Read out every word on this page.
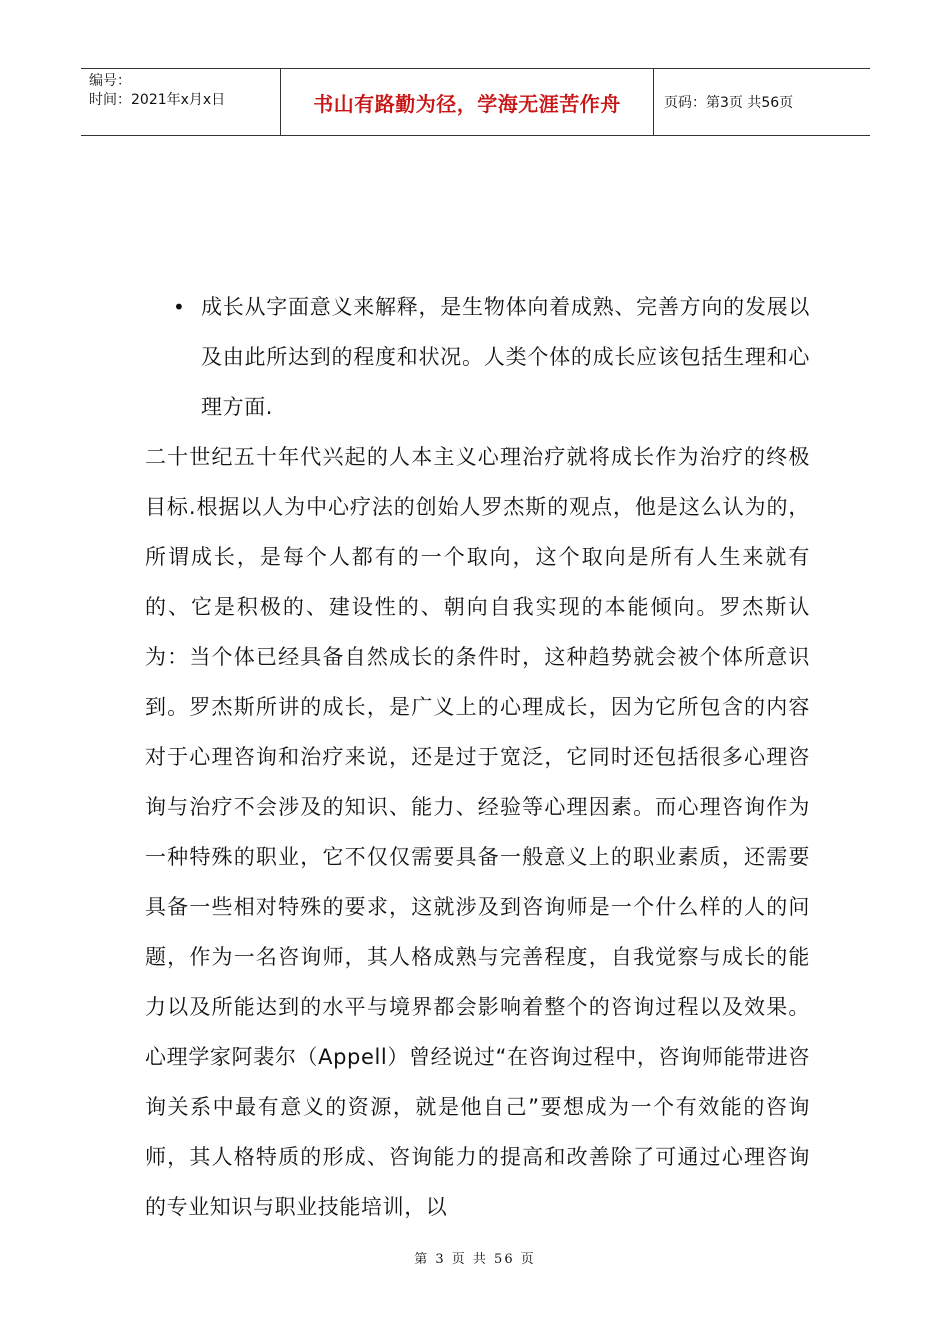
编号：
时间：2021年x月x日	书山有路勤为径，学海无涯苦作舟	页码：第3页 共56页
• 成长从字面意义来解释，是生物体向着成熟、完善方向的发展以及由此所达到的程度和状况。人类个体的成长应该包括生理和心理方面.

二十世纪五十年代兴起的人本主义心理治疗就将成长作为治疗的终极目标.根据以人为中心疗法的创始人罗杰斯的观点，他是这么认为的，所谓成长，是每个人都有的一个取向，这个取向是所有人生来就有的、它是积极的、建设性的、朝向自我实现的本能倾向。罗杰斯认为：当个体已经具备自然成长的条件时，这种趋势就会被个体所意识到。罗杰斯所讲的成长，是广义上的心理成长，因为它所包含的内容对于心理咨询和治疗来说，还是过于宽泛，它同时还包括很多心理咨询与治疗不会涉及的知识、能力、经验等心理因素。而心理咨询作为一种特殊的职业，它不仅仅需要具备一般意义上的职业素质，还需要具备一些相对特殊的要求，这就涉及到咨询师是一个什么样的人的问题，作为一名咨询师，其人格成熟与完善程度，自我觉察与成长的能力以及所能达到的水平与境界都会影响着整个的咨询过程以及效果。心理学家阿裴尔（Appell）曾经说过“在咨询过程中，咨询师能带进咨询关系中最有意义的资源，就是他自己”要想成为一个有效能的咨询师，其人格特质的形成、咨询能力的提高和改善除了可通过心理咨询的专业知识与职业技能培训，以

第 3 页 共 56 页
